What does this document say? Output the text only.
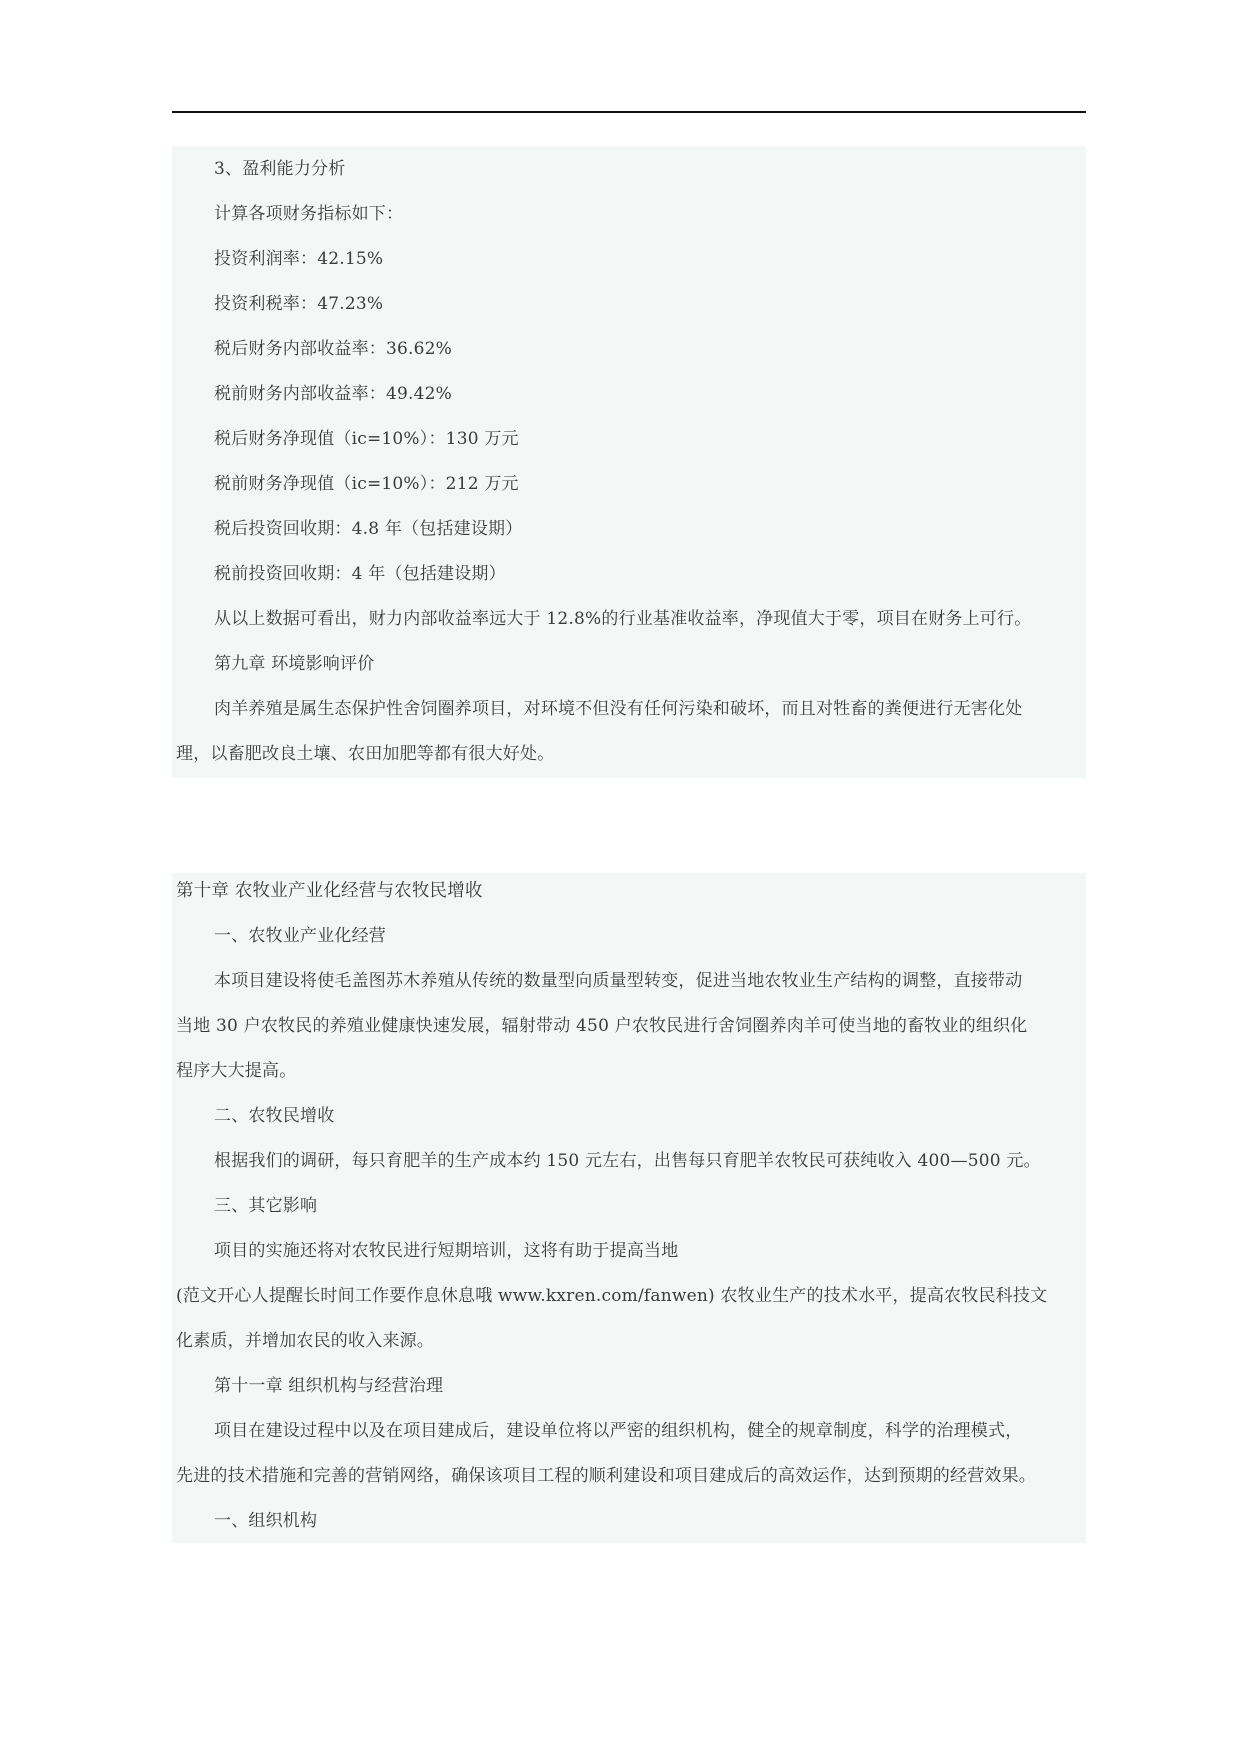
3、盈利能力分析
计算各项财务指标如下：
投资利润率：42.15%
投资利税率：47.23%
税后财务内部收益率：36.62%
税前财务内部收益率：49.42%
税后财务净现值（ic=10%）：130 万元
税前财务净现值（ic=10%）：212 万元
税后投资回收期：4.8 年（包括建设期）
税前投资回收期：4 年（包括建设期）
从以上数据可看出，财力内部收益率远大于 12.8%的行业基准收益率，净现值大于零，项目在财务上可行。
第九章 环境影响评价
肉羊养殖是属生态保护性舍饲圈养项目，对环境不但没有任何污染和破坏，而且对牲畜的粪便进行无害化处
理，以畜肥改良土壤、农田加肥等都有很大好处。
第十章 农牧业产业化经营与农牧民增收
一、农牧业产业化经营
本项目建设将使毛盖图苏木养殖从传统的数量型向质量型转变，促进当地农牧业生产结构的调整，直接带动
当地 30 户农牧民的养殖业健康快速发展，辐射带动 450 户农牧民进行舍饲圈养肉羊可使当地的畜牧业的组织化
程序大大提高。
二、农牧民增收
根据我们的调研，每只育肥羊的生产成本约 150 元左右，出售每只育肥羊农牧民可获纯收入 400—500 元。
三、其它影响
项目的实施还将对农牧民进行短期培训，这将有助于提高当地
(范文开心人提醒长时间工作要作息休息哦 www.kxren.com/fanwen) 农牧业生产的技术水平，提高农牧民科技文
化素质，并增加农民的收入来源。
第十一章 组织机构与经营治理
项目在建设过程中以及在项目建成后，建设单位将以严密的组织机构，健全的规章制度，科学的治理模式，
先进的技术措施和完善的营销网络，确保该项目工程的顺利建设和项目建成后的高效运作，达到预期的经营效果。
一、组织机构
